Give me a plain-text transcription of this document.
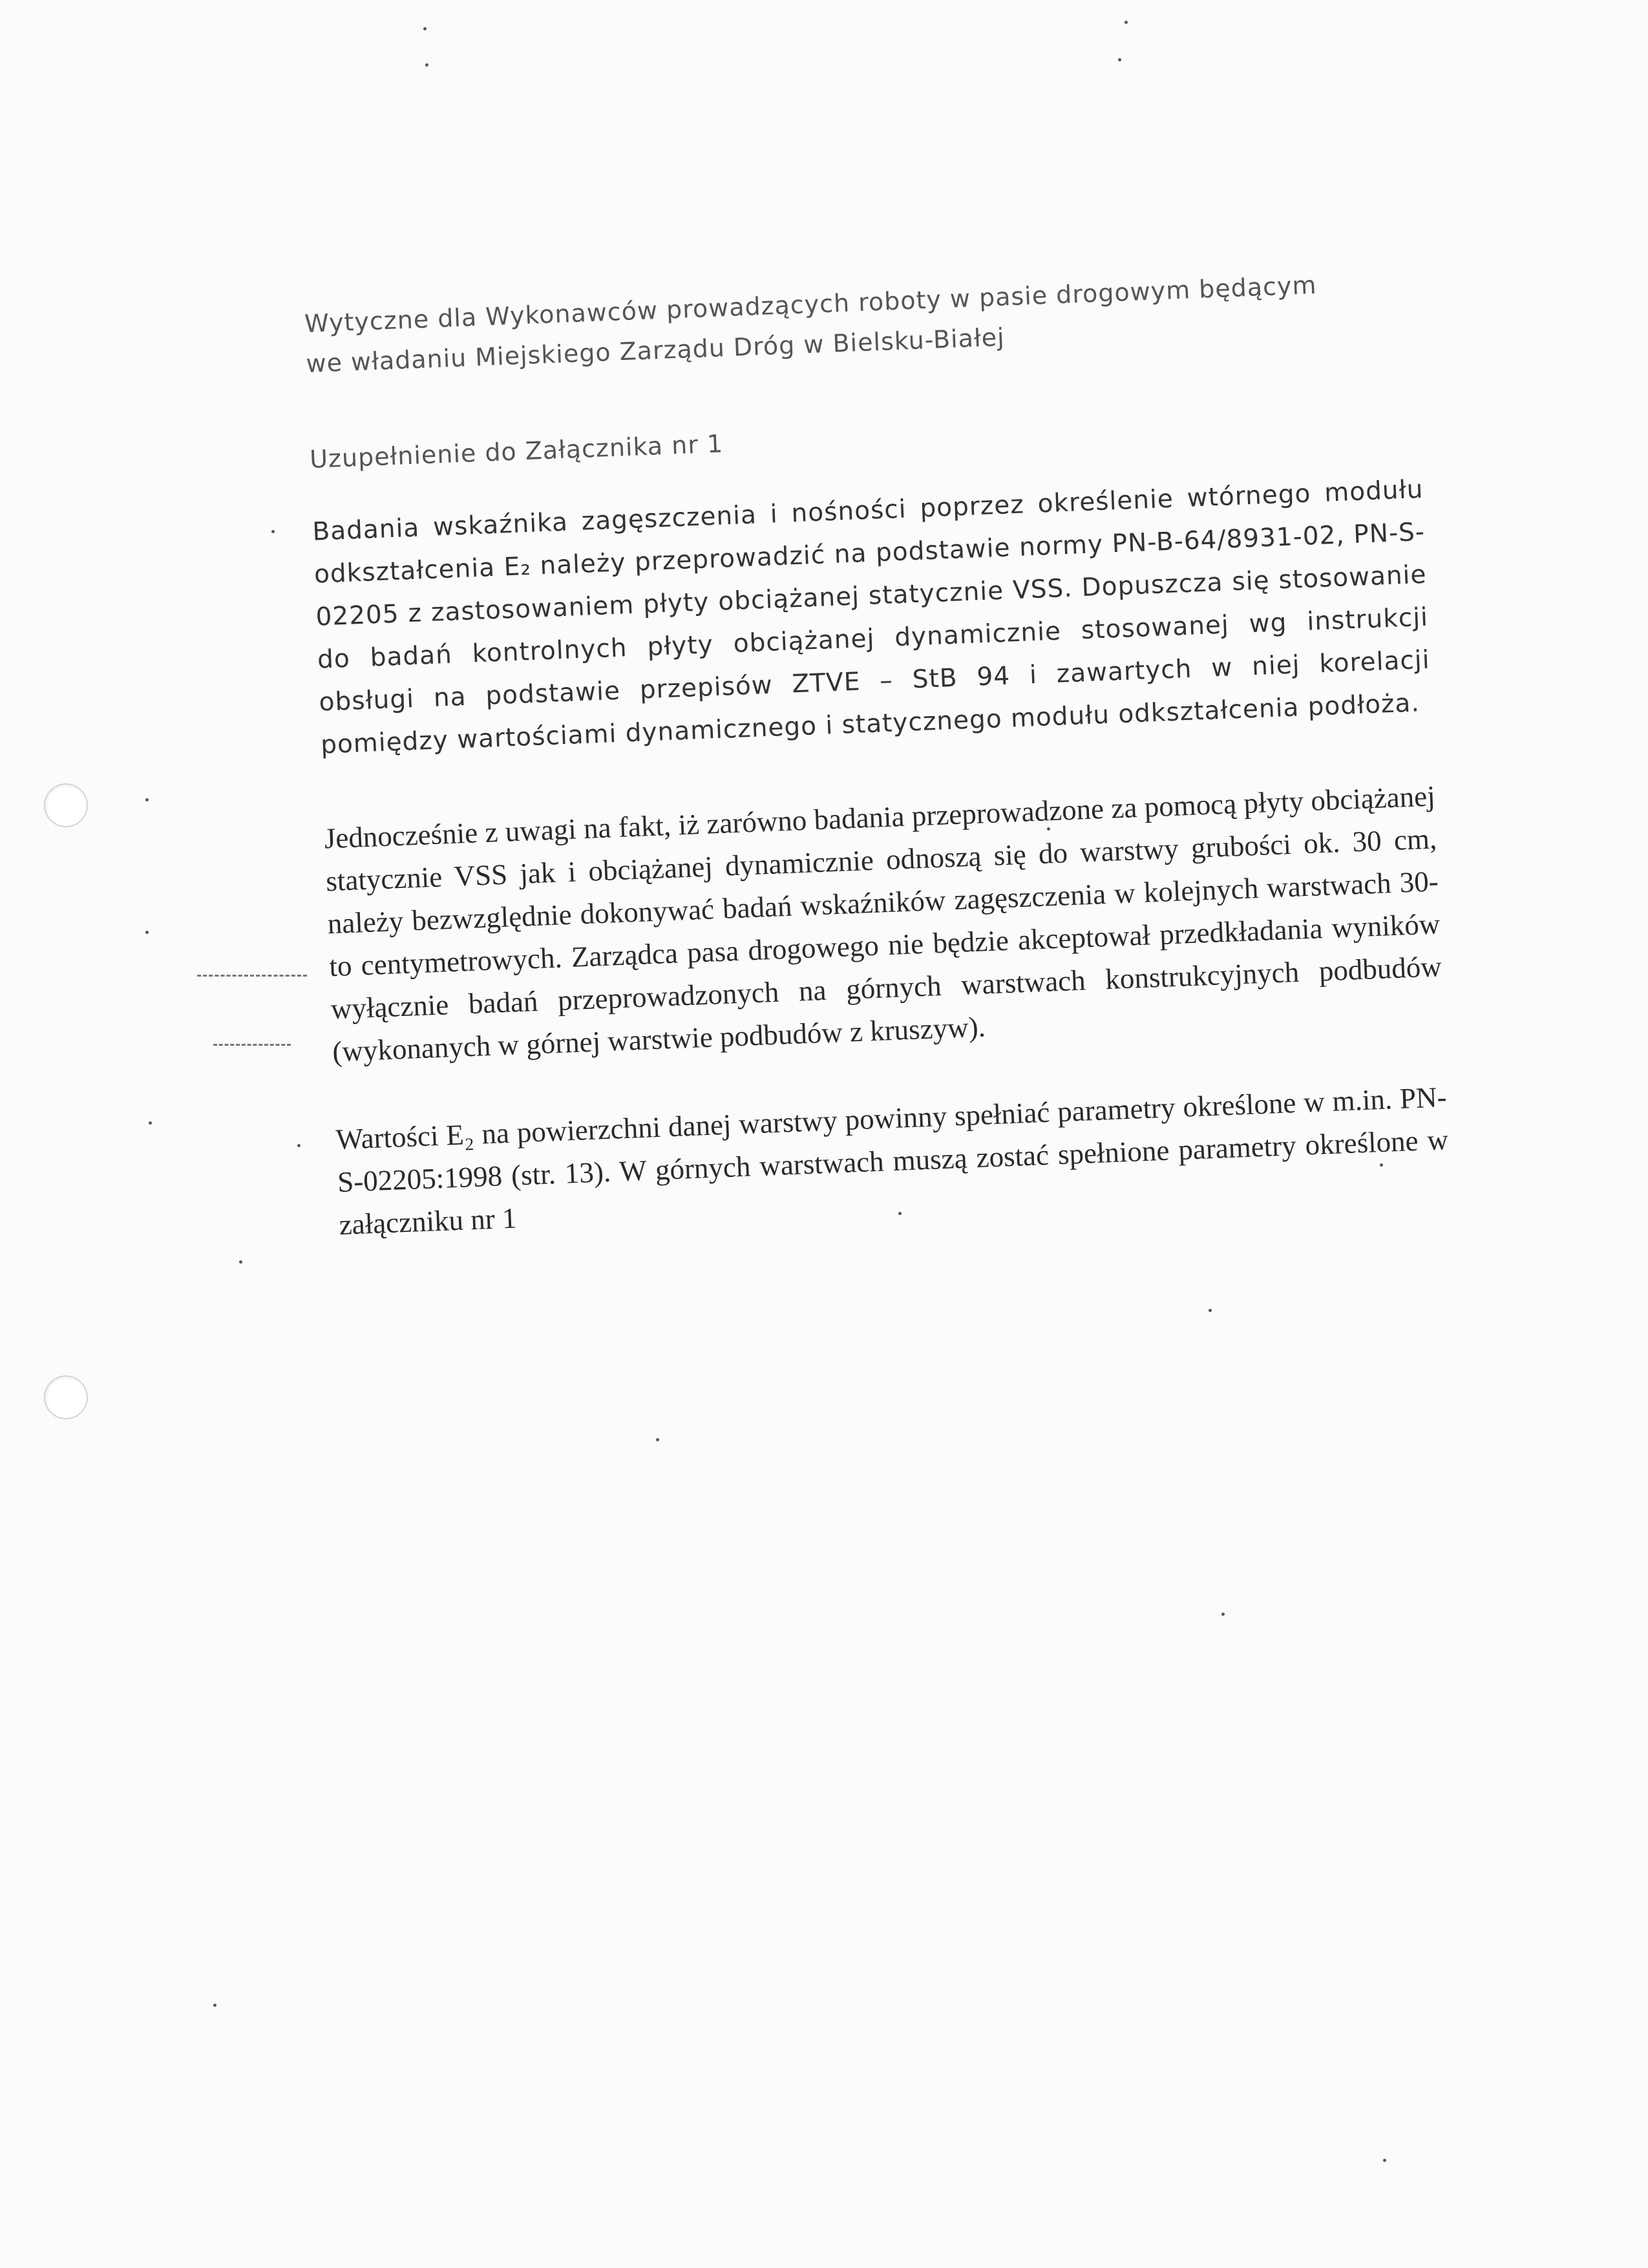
Wytyczne dla Wykonawców prowadzących roboty w pasie drogowym będącym

we władaniu Miejskiego Zarządu Dróg w Bielsku-Białej

Uzupełnienie do Załącznika nr 1

Badania wskaźnika zagęszczenia i nośności poprzez określenie wtórnego modułu odkształcenia E₂ należy przeprowadzić na podstawie normy PN-B-64/8931-02, PN-S-02205 z zastosowaniem płyty obciążanej statycznie VSS. Dopuszcza się stosowanie do badań kontrolnych płyty obciążanej dynamicznie stosowanej wg instrukcji obsługi na podstawie przepisów ZTVE – StB 94 i zawartych w niej korelacji pomiędzy wartościami dynamicznego i statycznego modułu odkształcenia podłoża.

Jednocześnie z uwagi na fakt, iż zarówno badania przeprowadzone za pomocą płyty obciążanej statycznie VSS jak i obciążanej dynamicznie odnoszą się do warstwy grubości ok. 30 cm, należy bezwzględnie dokonywać badań wskaźników zagęszczenia w kolejnych warstwach 30-to centymetrowych. Zarządca pasa drogowego nie będzie akceptował przedkładania wyników wyłącznie badań przeprowadzonych na górnych warstwach konstrukcyjnych podbudów (wykonanych w górnej warstwie podbudów z kruszyw).

Wartości E₂ na powierzchni danej warstwy powinny spełniać parametry określone w m.in. PN-S-02205:1998 (str. 13). W górnych warstwach muszą zostać spełnione parametry określone w załączniku nr 1
